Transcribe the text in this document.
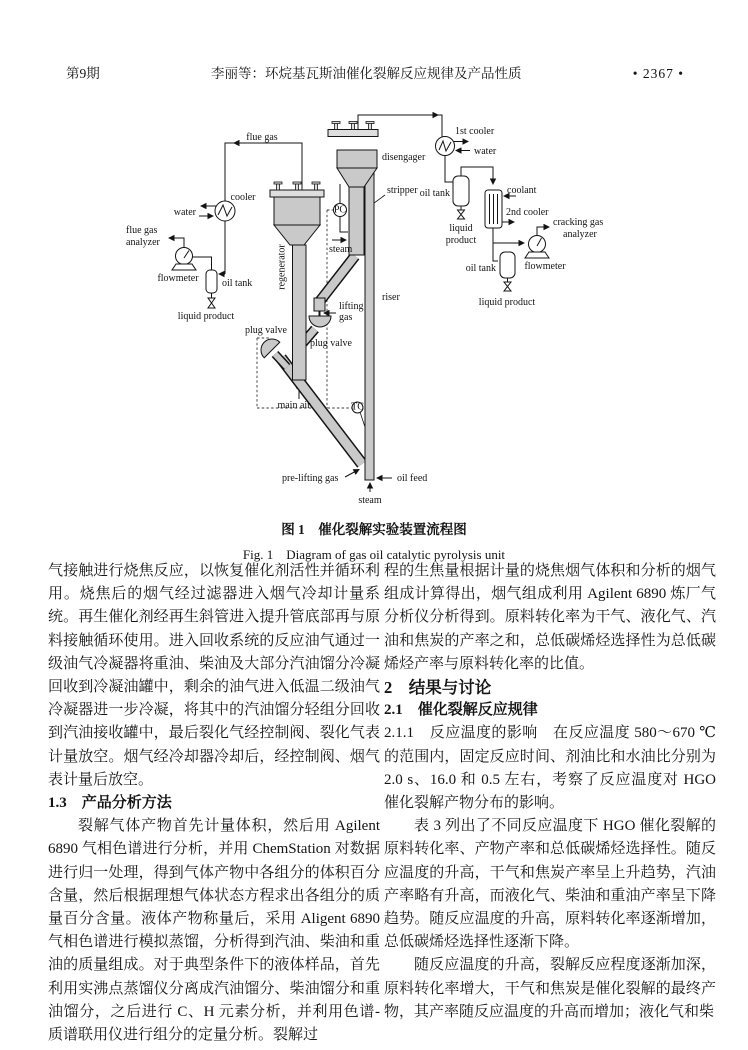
第9期	李丽等：环烷基瓦斯油催化裂解反应规律及产品性质	• 2367 •
flue gas
cooler
water
flue gas
analyzer
flowmeter oil tank
liquid product
regenerator
disengager
stripper
steam
PC
TC
riser
lifting
gas
plug valve
plug valve
main air
pre-lifting gas	oil feed
steam
1st cooler
water
oil tank
liquid
product
coolant
2nd cooler
oil tank	flowmeter
cracking gas
analyzer
liquid product
图 1　催化裂解实验装置流程图
Fig. 1　Diagram of gas oil catalytic pyrolysis unit

气接触进行烧焦反应，以恢复催化剂活性并循环利用。烧焦后的烟气经过滤器进入烟气冷却计量系统。再生催化剂经再生斜管进入提升管底部再与原料接触循环使用。进入回收系统的反应油气通过一级油气冷凝器将重油、柴油及大部分汽油馏分冷凝回收到冷凝油罐中，剩余的油气进入低温二级油气冷凝器进一步冷凝，将其中的汽油馏分轻组分回收到汽油接收罐中，最后裂化气经控制阀、裂化气表计量放空。烟气经冷却器冷却后，经控制阀、烟气表计量后放空。

1.3　产品分析方法

裂解气体产物首先计量体积，然后用 Agilent 6890 气相色谱进行分析，并用 ChemStation 对数据进行归一处理，得到气体产物中各组分的体积百分含量，然后根据理想气体状态方程求出各组分的质量百分含量。液体产物称量后，采用 Aligent 6890 气相色谱进行模拟蒸馏，分析得到汽油、柴油和重油的质量组成。对于典型条件下的液体样品，首先利用实沸点蒸馏仪分离成汽油馏分、柴油馏分和重油馏分，之后进行 C、H 元素分析，并利用色谱-质谱联用仪进行组分的定量分析。裂解过

程的生焦量根据计量的烧焦烟气体积和分析的烟气组成计算得出，烟气组成利用 Agilent 6890 炼厂气分析仪分析得到。原料转化率为干气、液化气、汽油和焦炭的产率之和，总低碳烯烃选择性为总低碳烯烃产率与原料转化率的比值。

2　结果与讨论

2.1　催化裂解反应规律

2.1.1　反应温度的影响　在反应温度 580～670 ℃的范围内，固定反应时间、剂油比和水油比分别为 2.0 s、16.0 和 0.5 左右，考察了反应温度对 HGO 催化裂解产物分布的影响。

表 3 列出了不同反应温度下 HGO 催化裂解的原料转化率、产物产率和总低碳烯烃选择性。随反应温度的升高，干气和焦炭产率呈上升趋势，汽油产率略有升高，而液化气、柴油和重油产率呈下降趋势。随反应温度的升高，原料转化率逐渐增加，总低碳烯烃选择性逐渐下降。

随反应温度的升高，裂解反应程度逐渐加深，原料转化率增大，干气和焦炭是催化裂解的最终产物，其产率随反应温度的升高而增加；液化气和柴
